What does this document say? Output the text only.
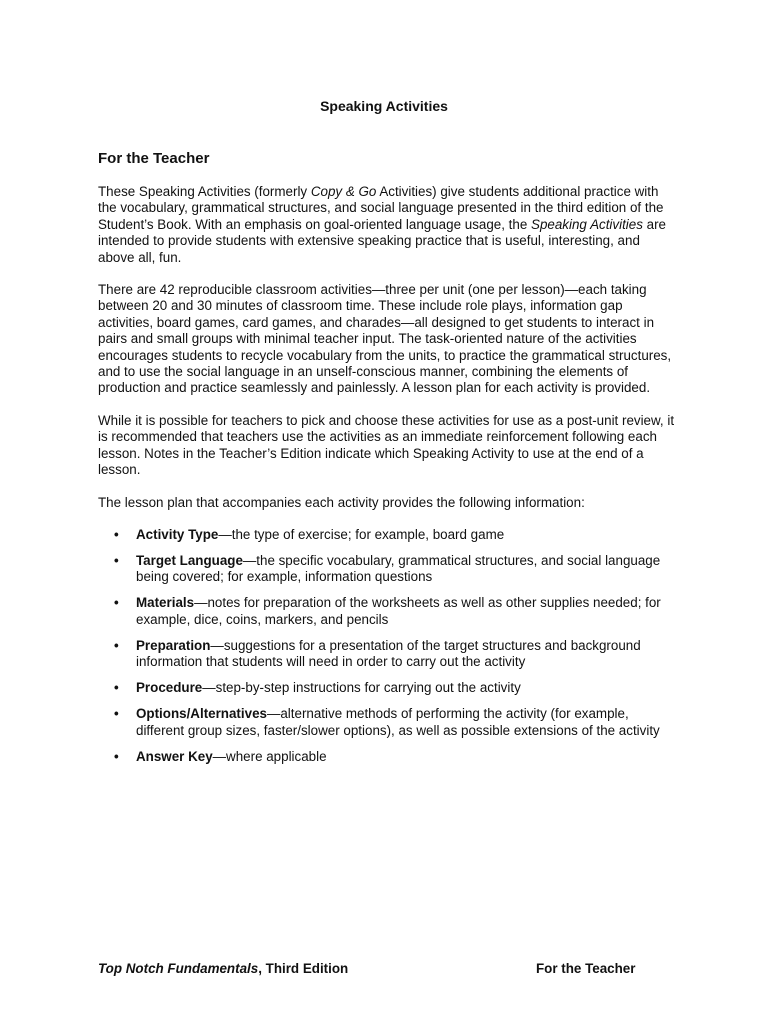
Speaking Activities
For the Teacher

These Speaking Activities (formerly Copy & Go Activities) give students additional practice with the vocabulary, grammatical structures, and social language presented in the third edition of the Student’s Book. With an emphasis on goal-oriented language usage, the Speaking Activities are intended to provide students with extensive speaking practice that is useful, interesting, and above all, fun.

There are 42 reproducible classroom activities—three per unit (one per lesson)—each taking between 20 and 30 minutes of classroom time. These include role plays, information gap activities, board games, card games, and charades—all designed to get students to interact in pairs and small groups with minimal teacher input. The task-oriented nature of the activities encourages students to recycle vocabulary from the units, to practice the grammatical structures, and to use the social language in an unself-conscious manner, combining the elements of production and practice seamlessly and painlessly. A lesson plan for each activity is provided.

While it is possible for teachers to pick and choose these activities for use as a post-unit review, it is recommended that teachers use the activities as an immediate reinforcement following each lesson. Notes in the Teacher’s Edition indicate which Speaking Activity to use at the end of a lesson.

The lesson plan that accompanies each activity provides the following information:

• Activity Type—the type of exercise; for example, board game
• Target Language—the specific vocabulary, grammatical structures, and social language being covered; for example, information questions
• Materials—notes for preparation of the worksheets as well as other supplies needed; for example, dice, coins, markers, and pencils
• Preparation—suggestions for a presentation of the target structures and background information that students will need in order to carry out the activity
• Procedure—step-by-step instructions for carrying out the activity
• Options/Alternatives—alternative methods of performing the activity (for example, different group sizes, faster/slower options), as well as possible extensions of the activity
• Answer Key—where applicable
Top Notch Fundamentals, Third Edition	For the Teacher
